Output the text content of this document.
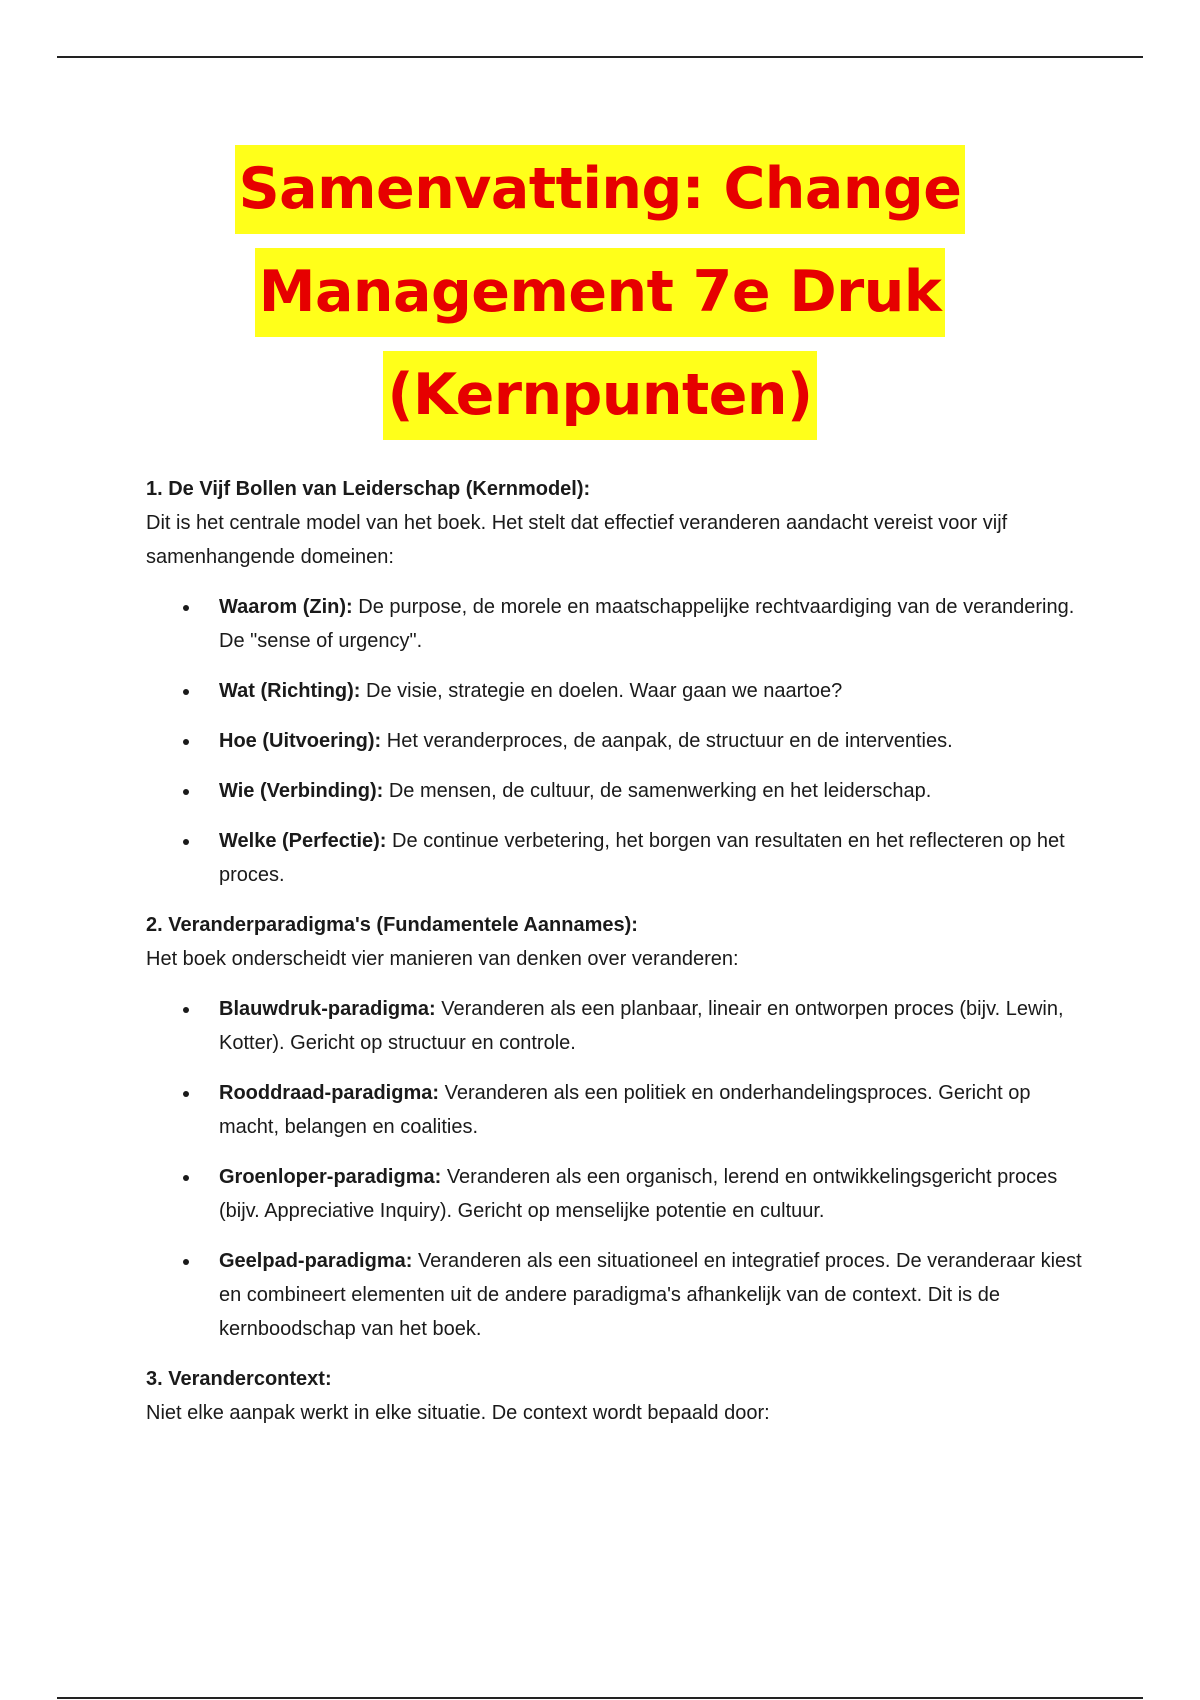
Samenvatting: Change
Management 7e Druk
(Kernpunten)

1. De Vijf Bollen van Leiderschap (Kernmodel):

Dit is het centrale model van het boek. Het stelt dat effectief veranderen aandacht vereist voor vijf samenhangende domeinen:

Waarom (Zin): De purpose, de morele en maatschappelijke rechtvaardiging van de verandering. De "sense of urgency".
Wat (Richting): De visie, strategie en doelen. Waar gaan we naartoe?
Hoe (Uitvoering): Het veranderproces, de aanpak, de structuur en de interventies.
Wie (Verbinding): De mensen, de cultuur, de samenwerking en het leiderschap.
Welke (Perfectie): De continue verbetering, het borgen van resultaten en het reflecteren op het proces.

2. Veranderparadigma's (Fundamentele Aannames):

Het boek onderscheidt vier manieren van denken over veranderen:

Blauwdruk-paradigma: Veranderen als een planbaar, lineair en ontworpen proces (bijv. Lewin, Kotter). Gericht op structuur en controle.
Rooddraad-paradigma: Veranderen als een politiek en onderhandelingsproces. Gericht op macht, belangen en coalities.
Groenloper-paradigma: Veranderen als een organisch, lerend en ontwikkelingsgericht proces (bijv. Appreciative Inquiry). Gericht op menselijke potentie en cultuur.
Geelpad-paradigma: Veranderen als een situationeel en integratief proces. De veranderaar kiest en combineert elementen uit de andere paradigma's afhankelijk van de context. Dit is de kernboodschap van het boek.

3. Verandercontext:

Niet elke aanpak werkt in elke situatie. De context wordt bepaald door:
